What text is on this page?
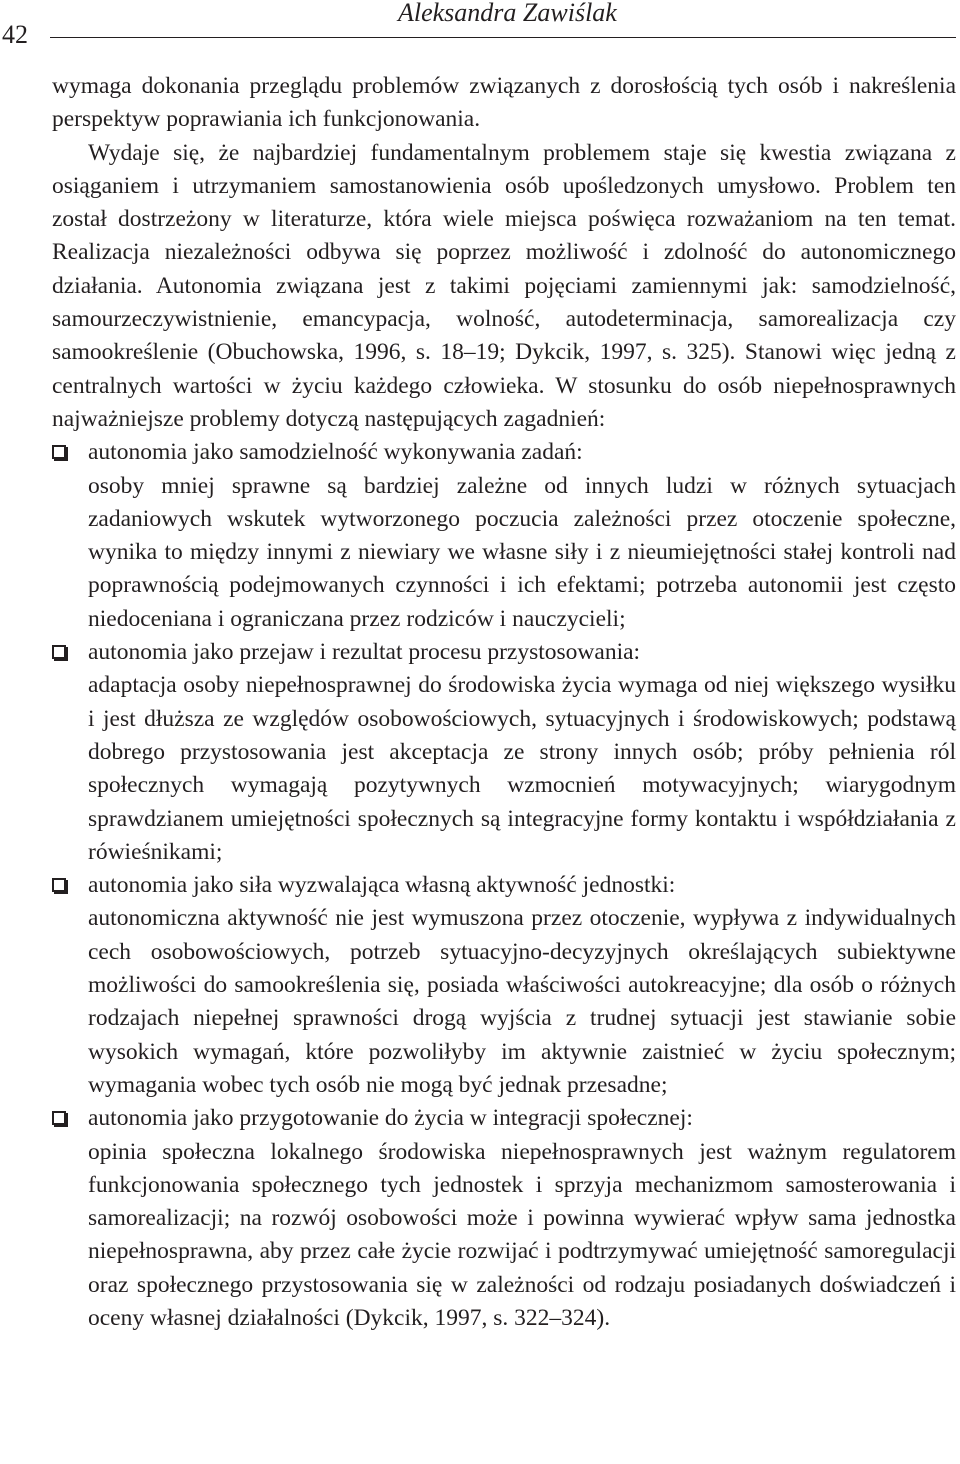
42
Aleksandra Zawiślak

wymaga dokonania przeglądu problemów związanych z dorosłością tych osób i nakreślenia perspektyw poprawiania ich funkcjonowania.

Wydaje się, że najbardziej fundamentalnym problemem staje się kwestia związana z osiąganiem i utrzymaniem samostanowienia osób upośledzonych umysłowo. Problem ten został dostrzeżony w literaturze, która wiele miejsca poświęca rozważaniom na ten temat. Realizacja niezależności odbywa się poprzez możliwość i zdolność do autonomicznego działania. Autonomia związana jest z takimi pojęciami zamiennymi jak: samodzielność, samourzeczywistnienie, emancypacja, wolność, autodeterminacja, samorealizacja czy samookreślenie (Obuchowska, 1996, s. 18–19; Dykcik, 1997, s. 325). Stanowi więc jedną z centralnych wartości w życiu każdego człowieka. W stosunku do osób niepełnosprawnych najważniejsze problemy dotyczą następujących zagadnień:

autonomia jako samodzielność wykonywania zadań:
osoby mniej sprawne są bardziej zależne od innych ludzi w różnych sytuacjach zadaniowych wskutek wytworzonego poczucia zależności przez otoczenie społeczne, wynika to między innymi z niewiary we własne siły i z nieumiejętności stałej kontroli nad poprawnością podejmowanych czynności i ich efektami; potrzeba autonomii jest często niedoceniana i ograniczana przez rodziców i nauczycieli;
autonomia jako przejaw i rezultat procesu przystosowania:
adaptacja osoby niepełnosprawnej do środowiska życia wymaga od niej większego wysiłku i jest dłuższa ze względów osobowościowych, sytuacyjnych i środowiskowych; podstawą dobrego przystosowania jest akceptacja ze strony innych osób; próby pełnienia ról społecznych wymagają pozytywnych wzmocnień motywacyjnych; wiarygodnym sprawdzianem umiejętności społecznych są integracyjne formy kontaktu i współdziałania z rówieśnikami;
autonomia jako siła wyzwalająca własną aktywność jednostki:
autonomiczna aktywność nie jest wymuszona przez otoczenie, wypływa z indywidualnych cech osobowościowych, potrzeb sytuacyjno-decyzyjnych określających subiektywne możliwości do samookreślenia się, posiada właściwości autokreacyjne; dla osób o różnych rodzajach niepełnej sprawności drogą wyjścia z trudnej sytuacji jest stawianie sobie wysokich wymagań, które pozwoliłyby im aktywnie zaistnieć w życiu społecznym; wymagania wobec tych osób nie mogą być jednak przesadne;
autonomia jako przygotowanie do życia w integracji społecznej:
opinia społeczna lokalnego środowiska niepełnosprawnych jest ważnym regulatorem funkcjonowania społecznego tych jednostek i sprzyja mechanizmom samosterowania i samorealizacji; na rozwój osobowości może i powinna wywierać wpływ sama jednostka niepełnosprawna, aby przez całe życie rozwijać i podtrzymywać umiejętność samoregulacji oraz społecznego przystosowania się w zależności od rodzaju posiadanych doświadczeń i oceny własnej działalności (Dykcik, 1997, s. 322–324).
